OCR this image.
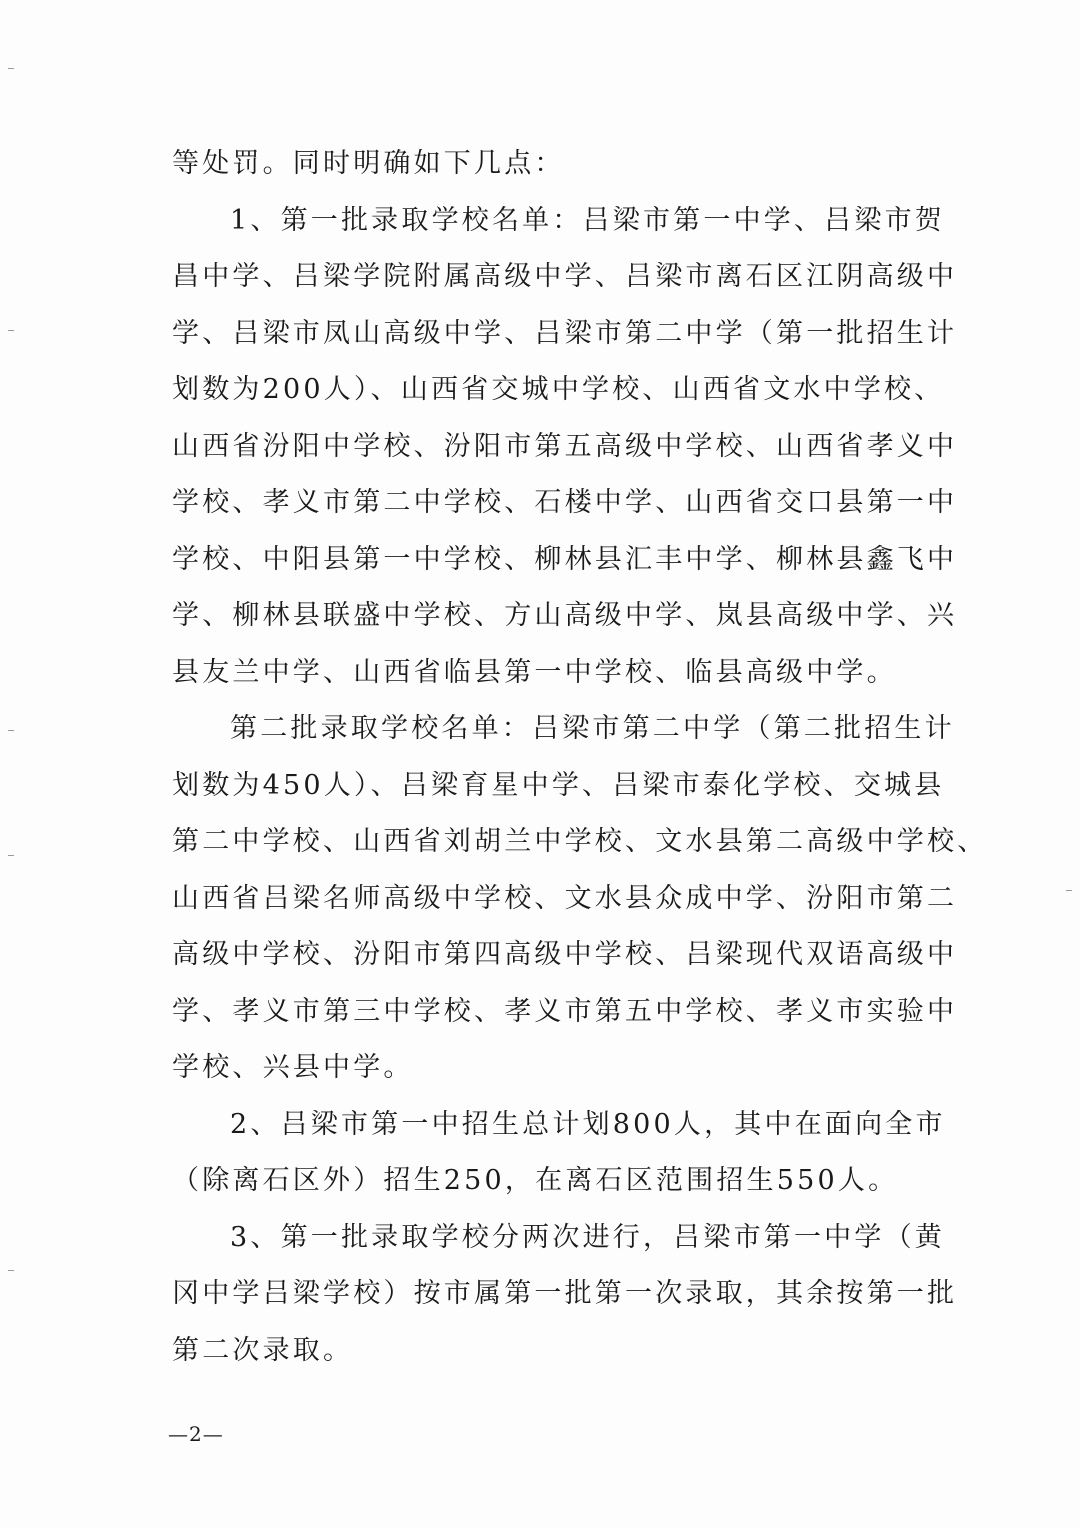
等处罚。同时明确如下几点：
1、第一批录取学校名单：吕梁市第一中学、吕梁市贺
昌中学、吕梁学院附属高级中学、吕梁市离石区江阴高级中
学、吕梁市凤山高级中学、吕梁市第二中学（第一批招生计
划数为200人）、山西省交城中学校、山西省文水中学校、
山西省汾阳中学校、汾阳市第五高级中学校、山西省孝义中
学校、孝义市第二中学校、石楼中学、山西省交口县第一中
学校、中阳县第一中学校、柳林县汇丰中学、柳林县鑫飞中
学、柳林县联盛中学校、方山高级中学、岚县高级中学、兴
县友兰中学、山西省临县第一中学校、临县高级中学。
第二批录取学校名单：吕梁市第二中学（第二批招生计
划数为450人）、吕梁育星中学、吕梁市泰化学校、交城县
第二中学校、山西省刘胡兰中学校、文水县第二高级中学校、
山西省吕梁名师高级中学校、文水县众成中学、汾阳市第二
高级中学校、汾阳市第四高级中学校、吕梁现代双语高级中
学、孝义市第三中学校、孝义市第五中学校、孝义市实验中
学校、兴县中学。
2、吕梁市第一中招生总计划800人，其中在面向全市
（除离石区外）招生250，在离石区范围招生550人。
3、第一批录取学校分两次进行，吕梁市第一中学（黄
冈中学吕梁学校）按市属第一批第一次录取，其余按第一批
第二次录取。
—2—
